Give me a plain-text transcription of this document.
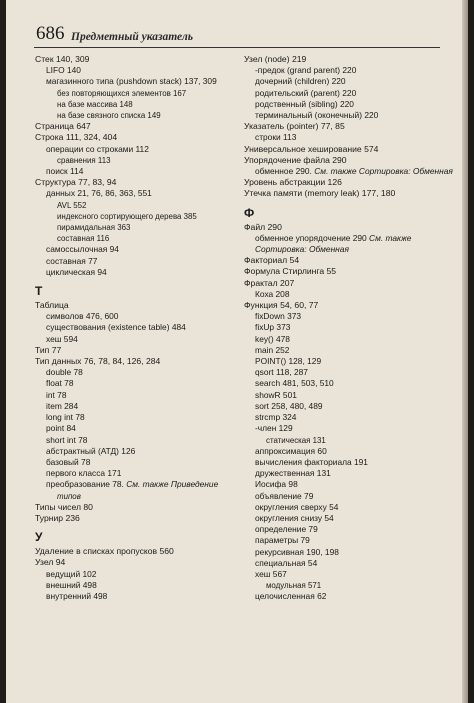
686 Предметный указатель
Стек 140, 309
LIFO 140
магазинного типа (pushdown stack) 137, 309
без повторяющихся элементов 167
на базе массива 148
на базе связного списка 149
Страница 647
Строка 111, 324, 404
операции со строками 112
сравнения 113
поиск 114
Структура 77, 83, 94
данных 21, 76, 86, 363, 551
AVL 552
индексного сортирующего дерева 385
пирамидальная 363
составная 116
самоссылочная 94
составная 77
циклическая 94
Т
Таблица
символов 476, 600
существования (existence table) 484
хеш 594
Тип 77
Тип данных 76, 78, 84, 126, 284
double 78
float 78
int 78
item 284
long int 78
point 84
short int 78
абстрактный (АТД) 126
базовый 78
первого класса 171
преобразование 78. См. также Приведение
типов
Типы чисел 80
Турнир 236
У
Удаление в списках пропусков 560
Узел 94
ведущий 102
внешний 498
внутренний 498
Узел (node) 219
-предок (grand parent) 220
дочерний (children) 220
родительский (parent) 220
родственный (sibling) 220
терминальный (оконечный) 220
Указатель (pointer) 77, 85
строки 113
Универсальное хеширование 574
Упорядочение файла 290
обменное 290. См. также Сортировка: Обменная
Уровень абстракции 126
Утечка памяти (memory leak) 177, 180
Ф
Файл 290
обменное упорядочение 290 См. также
Сортировка: Обменная
Факториал 54
Формула Стирлинга 55
Фрактал 207
Коха 208
Функция 54, 60, 77
fixDown 373
fixUp 373
key() 478
main 252
POINT() 128, 129
qsort 118, 287
search 481, 503, 510
showR 501
sort 258, 480, 489
strcmp 324
-член 129
статическая 131
аппроксимация 60
вычисления факториала 191
дружественная 131
Иосифа 98
объявление 79
округления сверху 54
округления снизу 54
определение 79
параметры 79
рекурсивная 190, 198
специальная 54
хеш 567
модульная 571
целочисленная 62
